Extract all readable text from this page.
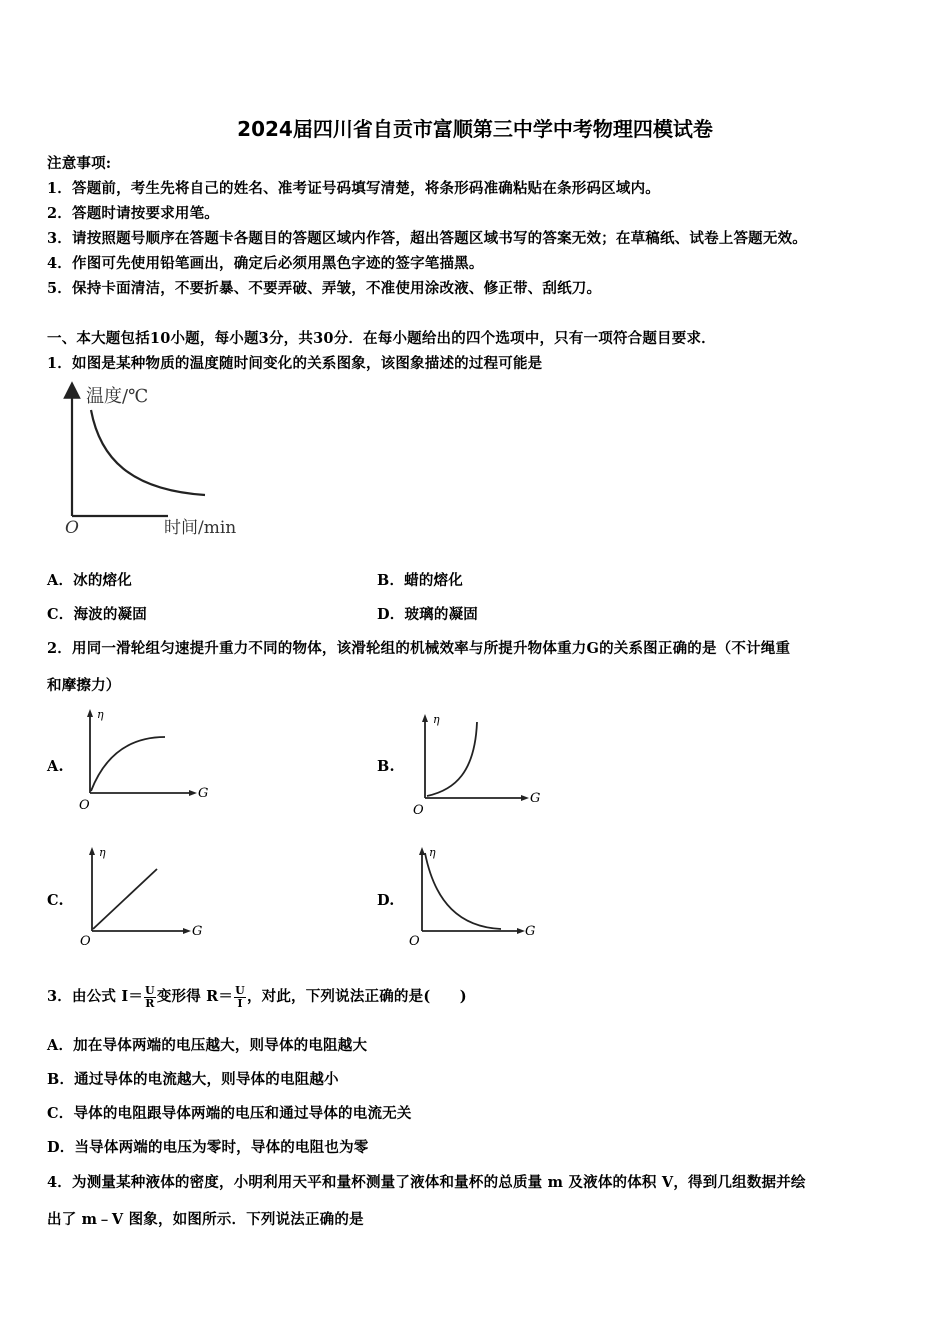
2024届四川省自贡市富顺第三中学中考物理四模试卷
注意事项:
1．答题前，考生先将自己的姓名、准考证号码填写清楚，将条形码准确粘贴在条形码区域内。
2．答题时请按要求用笔。
3．请按照题号顺序在答题卡各题目的答题区域内作答，超出答题区域书写的答案无效；在草稿纸、试卷上答题无效。
4．作图可先使用铅笔画出，确定后必须用黑色字迹的签字笔描黑。
5．保持卡面清洁，不要折暴、不要弄破、弄皱，不准使用涂改液、修正带、刮纸刀。
一、本大题包括10小题，每小题3分，共30分．在每小题给出的四个选项中，只有一项符合题目要求．
1．如图是某种物质的温度随时间变化的关系图象，该图象描述的过程可能是
温度/℃
O	时间/min
A．冰的熔化	B．蜡的熔化
C．海波的凝固	D．玻璃的凝固
2．用同一滑轮组匀速提升重力不同的物体，该滑轮组的机械效率与所提升物体重力G的关系图正确的是（不计绳重
和摩擦力）
A.
η
G
O
B.
η
G
O
C.
η
G
O
D.
η
G
O
3．由公式 $I= \frac{U}{R}$ 变形得 $R= \frac{U}{I}$ ，对此，下列说法正确的是(　　)
A．加在导体两端的电压越大，则导体的电阻越大
B．通过导体的电流越大，则导体的电阻越小
C．导体的电阻跟导体两端的电压和通过导体的电流无关
D．当导体两端的电压为零时，导体的电阻也为零
4．为测量某种液体的密度，小明利用天平和量杯测量了液体和量杯的总质量 m 及液体的体积 V，得到几组数据并绘
出了 m﹣V 图象，如图所示．下列说法正确的是
